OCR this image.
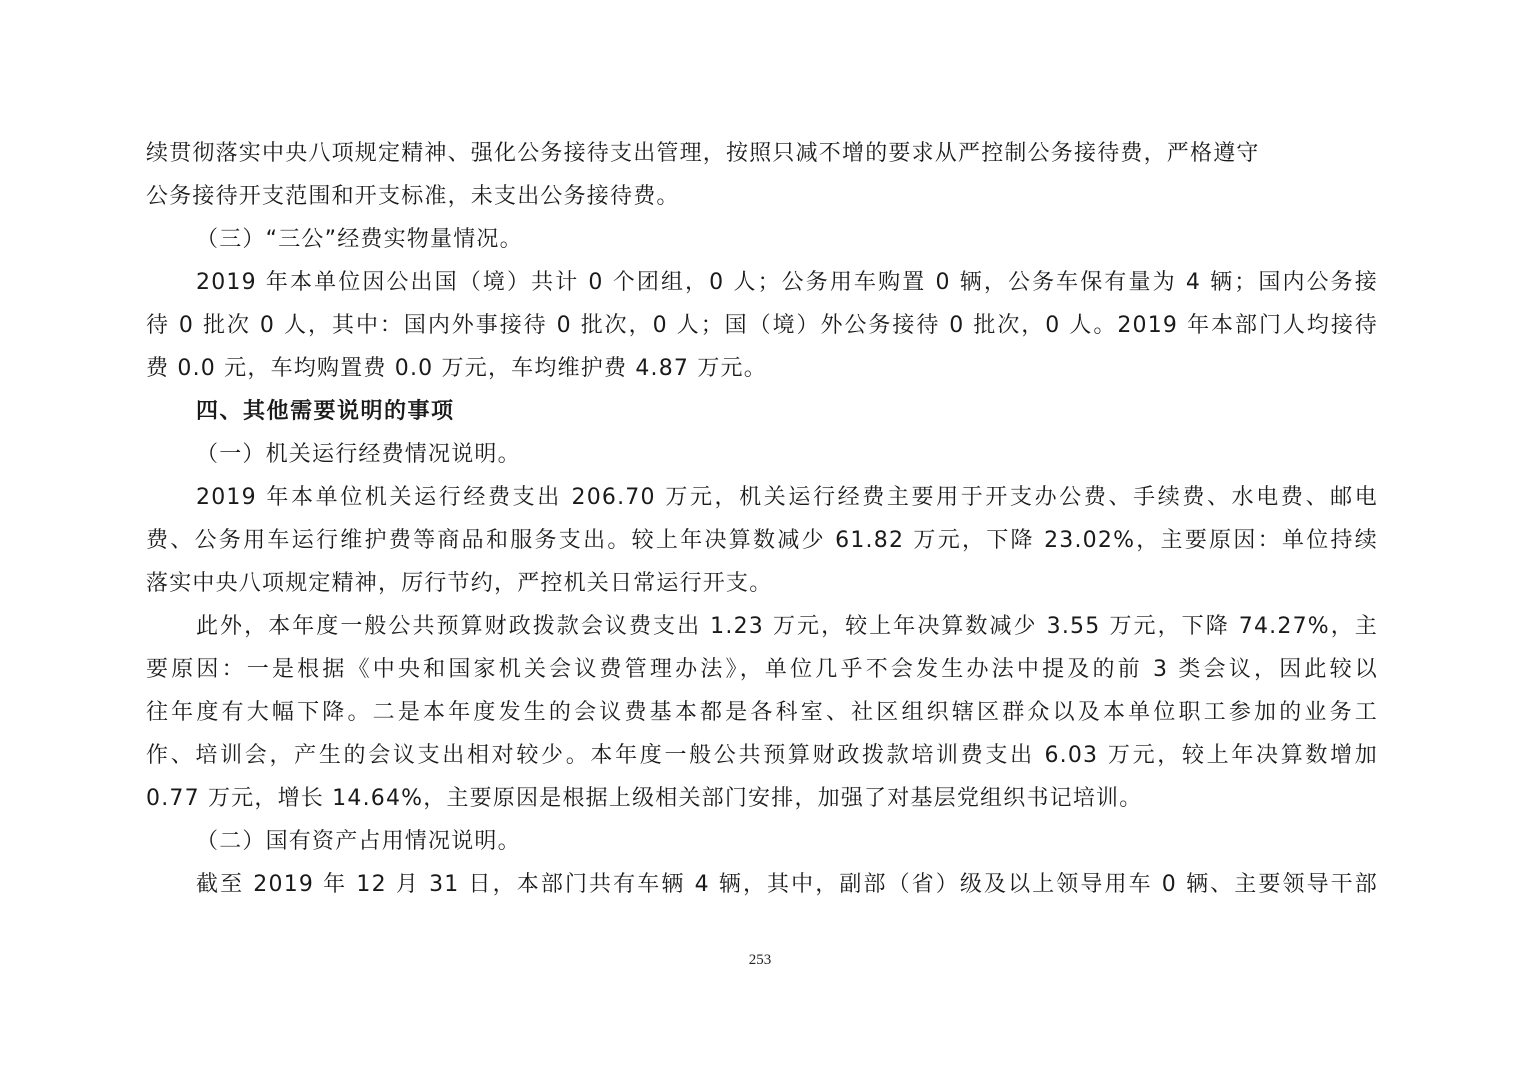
续贯彻落实中央八项规定精神、强化公务接待支出管理，按照只减不增的要求从严控制公务接待费，严格遵守
公务接待开支范围和开支标准，未支出公务接待费。
（三）“三公”经费实物量情况。
2019 年本单位因公出国（境）共计 0 个团组，0 人；公务用车购置 0 辆，公务车保有量为 4 辆；国内公务接
待 0 批次 0 人，其中：国内外事接待 0 批次，0 人；国（境）外公务接待 0 批次，0 人。2019 年本部门人均接待
费 0.0 元，车均购置费 0.0 万元，车均维护费 4.87 万元。
四、其他需要说明的事项
（一）机关运行经费情况说明。
2019 年本单位机关运行经费支出 206.70 万元，机关运行经费主要用于开支办公费、手续费、水电费、邮电
费、公务用车运行维护费等商品和服务支出。较上年决算数减少 61.82 万元，下降 23.02%，主要原因：单位持续
落实中央八项规定精神，厉行节约，严控机关日常运行开支。
此外，本年度一般公共预算财政拨款会议费支出 1.23 万元，较上年决算数减少 3.55 万元，下降 74.27%，主
要原因：一是根据《中央和国家机关会议费管理办法》，单位几乎不会发生办法中提及的前 3 类会议，因此较以
往年度有大幅下降。二是本年度发生的会议费基本都是各科室、社区组织辖区群众以及本单位职工参加的业务工
作、培训会，产生的会议支出相对较少。本年度一般公共预算财政拨款培训费支出 6.03 万元，较上年决算数增加
0.77 万元，增长 14.64%，主要原因是根据上级相关部门安排，加强了对基层党组织书记培训。
（二）国有资产占用情况说明。
截至 2019 年 12 月 31 日，本部门共有车辆 4 辆，其中，副部（省）级及以上领导用车 0 辆、主要领导干部
253
